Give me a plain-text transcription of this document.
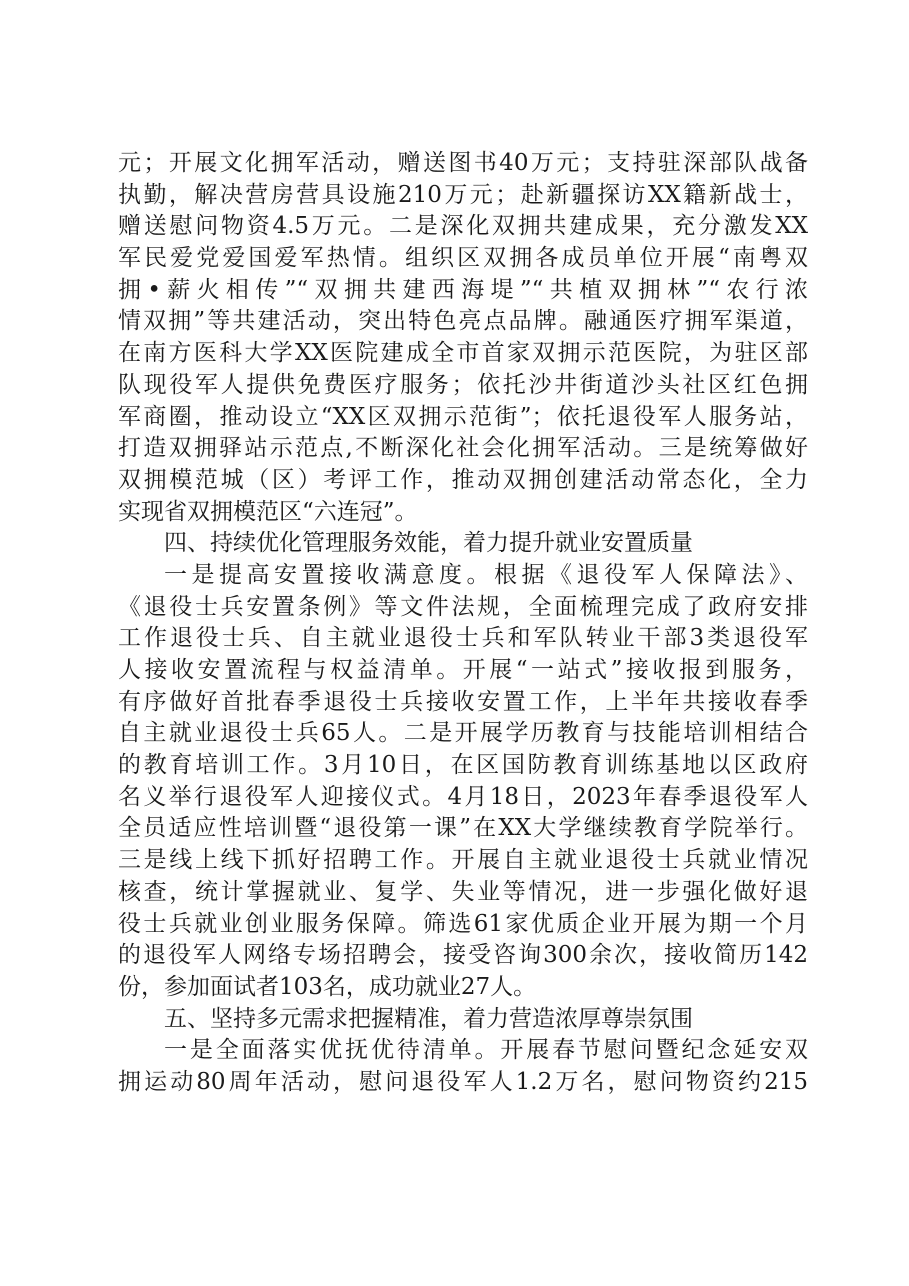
元；开展文化拥军活动，赠送图书40万元；支持驻深部队战备
执勤，解决营房营具设施210万元；赴新疆探访XX籍新战士，
赠送慰问物资4.5万元。二是深化双拥共建成果，充分激发XX
军民爱党爱国爱军热情。组织区双拥各成员单位开展“南粤双
拥•薪火相传”“双拥共建西海堤”“共植双拥林”“农行浓
情双拥”等共建活动，突出特色亮点品牌。融通医疗拥军渠道，
在南方医科大学XX医院建成全市首家双拥示范医院，为驻区部
队现役军人提供免费医疗服务；依托沙井街道沙头社区红色拥
军商圈，推动设立“XX区双拥示范街”；依托退役军人服务站，
打造双拥驿站示范点,不断深化社会化拥军活动。三是统筹做好
双拥模范城（区）考评工作，推动双拥创建活动常态化，全力
实现省双拥模范区“六连冠”。
四、持续优化管理服务效能，着力提升就业安置质量
一是提高安置接收满意度。根据《退役军人保障法》、
《退役士兵安置条例》等文件法规，全面梳理完成了政府安排
工作退役士兵、自主就业退役士兵和军队转业干部3类退役军
人接收安置流程与权益清单。开展“一站式”接收报到服务，
有序做好首批春季退役士兵接收安置工作，上半年共接收春季
自主就业退役士兵65人。二是开展学历教育与技能培训相结合
的教育培训工作。3月10日，在区国防教育训练基地以区政府
名义举行退役军人迎接仪式。4月18日，2023年春季退役军人
全员适应性培训暨“退役第一课”在XX大学继续教育学院举行。
三是线上线下抓好招聘工作。开展自主就业退役士兵就业情况
核查，统计掌握就业、复学、失业等情况，进一步强化做好退
役士兵就业创业服务保障。筛选61家优质企业开展为期一个月
的退役军人网络专场招聘会，接受咨询300余次，接收简历142
份，参加面试者103名，成功就业27人。
五、坚持多元需求把握精准，着力营造浓厚尊崇氛围
一是全面落实优抚优待清单。开展春节慰问暨纪念延安双
拥运动80周年活动，慰问退役军人1.2万名，慰问物资约215
